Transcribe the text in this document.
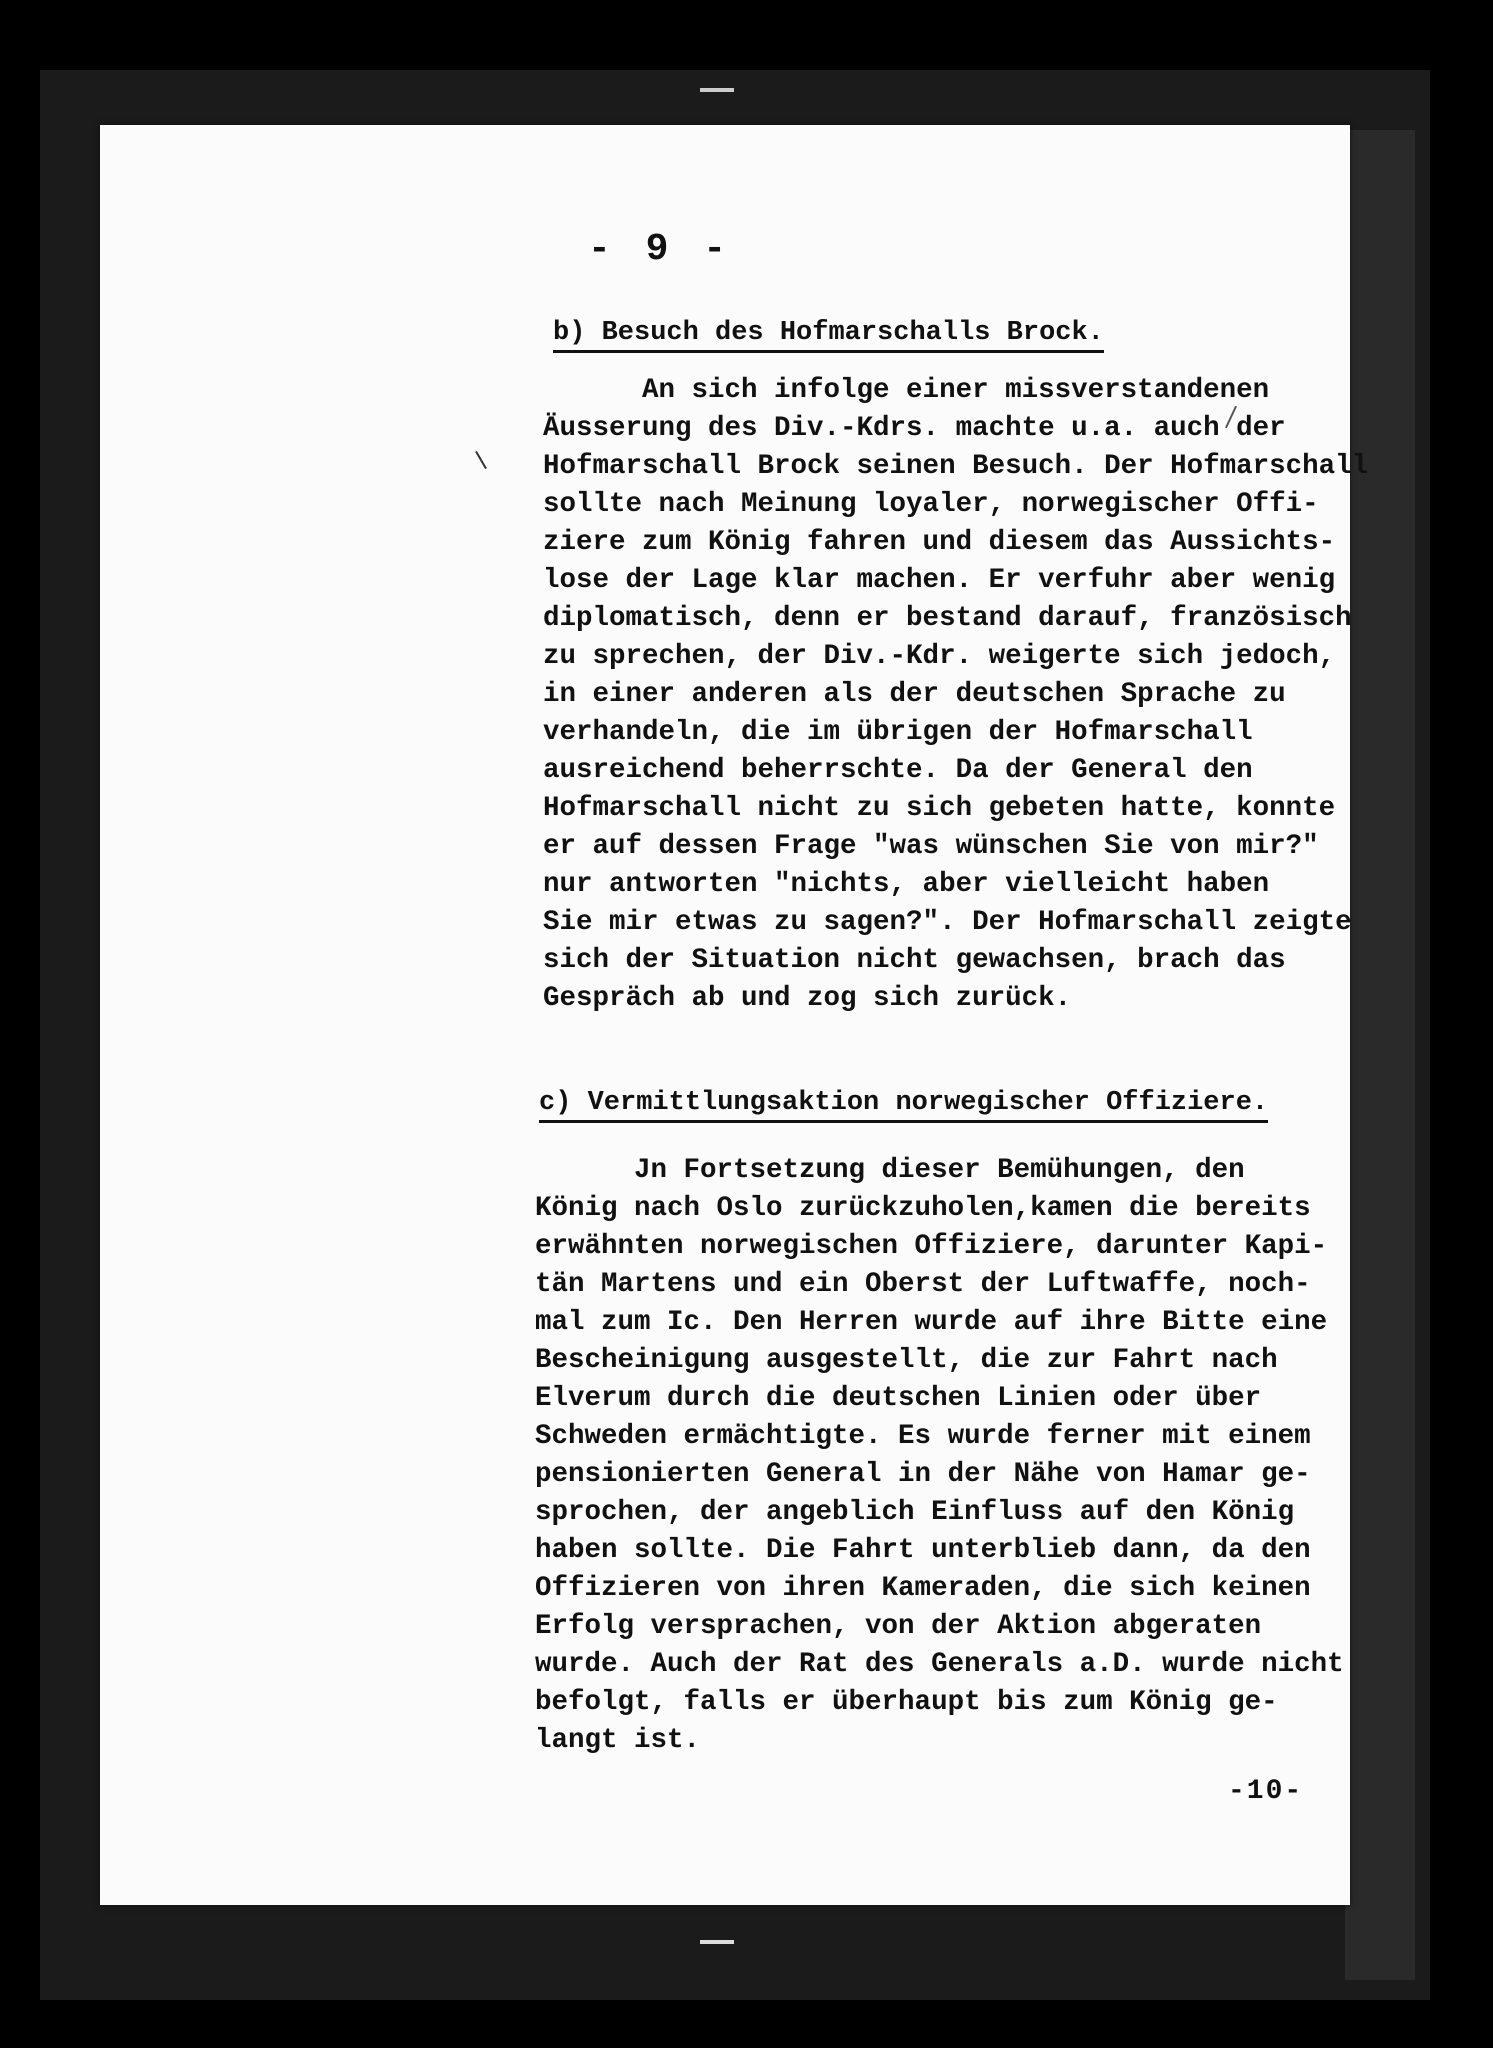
- 9 -
b) Besuch des Hofmarschalls Brock.
An sich infolge einer missverstandenen
Äusserung des Div.-Kdrs. machte u.a. auch der
Hofmarschall Brock seinen Besuch. Der Hofmarschall
sollte nach Meinung loyaler, norwegischer Offi-
ziere zum König fahren und diesem das Aussichts-
lose der Lage klar machen. Er verfuhr aber wenig
diplomatisch, denn er bestand darauf, französisch
zu sprechen, der Div.-Kdr. weigerte sich jedoch,
in einer anderen als der deutschen Sprache zu
verhandeln, die im übrigen der Hofmarschall
ausreichend beherrschte. Da der General den
Hofmarschall nicht zu sich gebeten hatte, konnte
er auf dessen Frage "was wünschen Sie von mir?"
nur antworten "nichts, aber vielleicht haben
Sie mir etwas zu sagen?". Der Hofmarschall zeigte
sich der Situation nicht gewachsen, brach das
Gespräch ab und zog sich zurück.
c) Vermittlungsaktion norwegischer Offiziere.
Jn Fortsetzung dieser Bemühungen, den
König nach Oslo zurückzuholen,kamen die bereits
erwähnten norwegischen Offiziere, darunter Kapi-
tän Martens und ein Oberst der Luftwaffe, noch-
mal zum Ic. Den Herren wurde auf ihre Bitte eine
Bescheinigung ausgestellt, die zur Fahrt nach
Elverum durch die deutschen Linien oder über
Schweden ermächtigte. Es wurde ferner mit einem
pensionierten General in der Nähe von Hamar ge-
sprochen, der angeblich Einfluss auf den König
haben sollte. Die Fahrt unterblieb dann, da den
Offizieren von ihren Kameraden, die sich keinen
Erfolg versprachen, von der Aktion abgeraten
wurde. Auch der Rat des Generals a.D. wurde nicht
befolgt, falls er überhaupt bis zum König ge-
langt ist.
-10-
